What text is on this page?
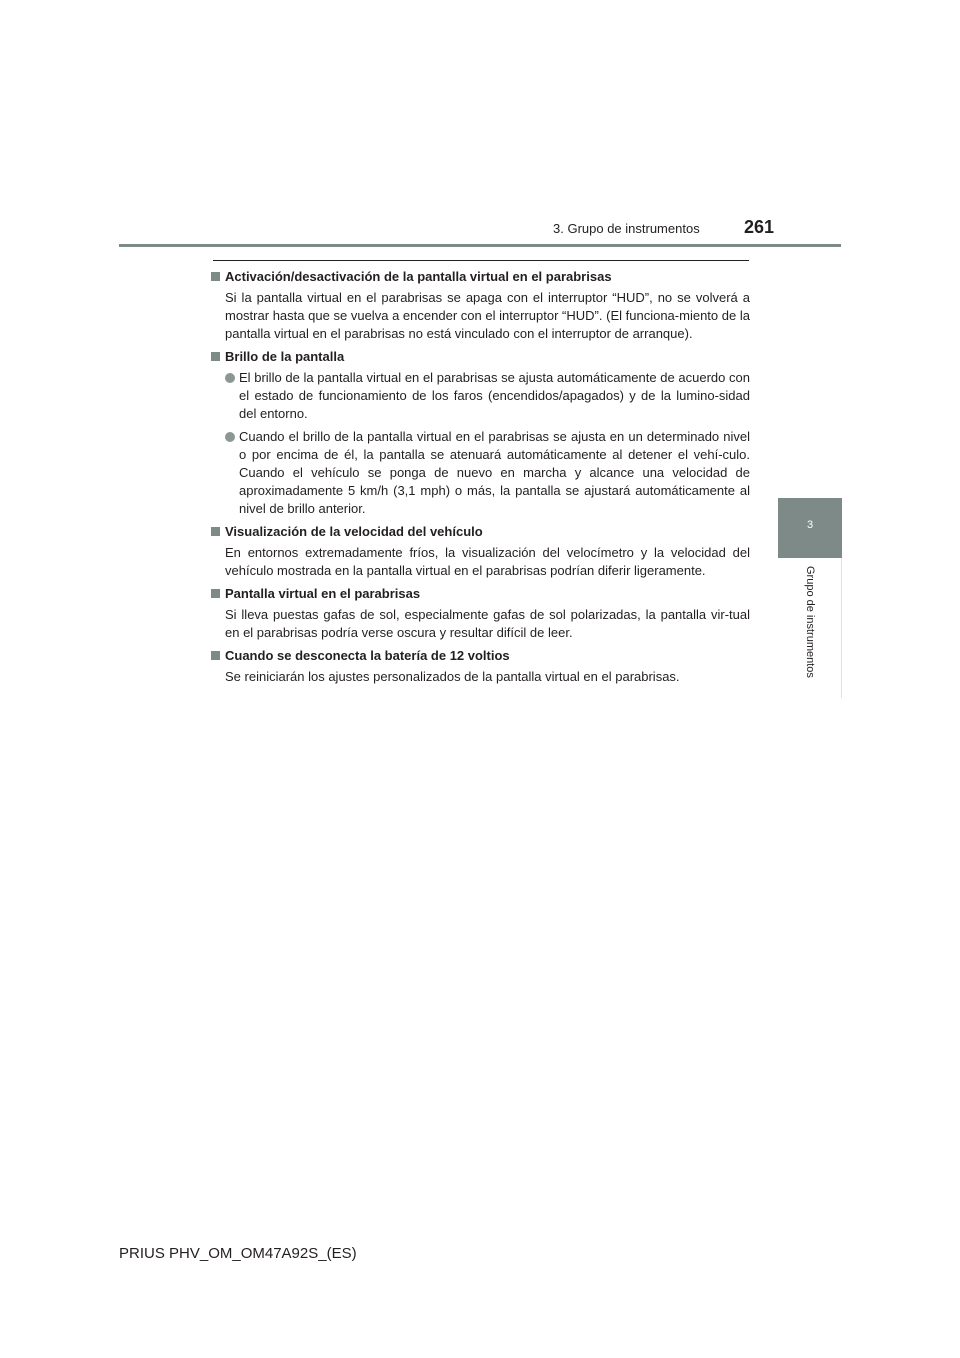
3. Grupo de instrumentos	261
3
Grupo de instrumentos
Activación/desactivación de la pantalla virtual en el parabrisas
Si la pantalla virtual en el parabrisas se apaga con el interruptor “HUD”, no se volverá a mostrar hasta que se vuelva a encender con el interruptor “HUD”. (El funciona-miento de la pantalla virtual en el parabrisas no está vinculado con el interruptor de arranque).
Brillo de la pantalla
El brillo de la pantalla virtual en el parabrisas se ajusta automáticamente de acuerdo con el estado de funcionamiento de los faros (encendidos/apagados) y de la lumino-sidad del entorno.
Cuando el brillo de la pantalla virtual en el parabrisas se ajusta en un determinado nivel o por encima de él, la pantalla se atenuará automáticamente al detener el vehí-culo. Cuando el vehículo se ponga de nuevo en marcha y alcance una velocidad de aproximadamente 5 km/h (3,1 mph) o más, la pantalla se ajustará automáticamente al nivel de brillo anterior.
Visualización de la velocidad del vehículo
En entornos extremadamente fríos, la visualización del velocímetro y la velocidad del vehículo mostrada en la pantalla virtual en el parabrisas podrían diferir ligeramente.
Pantalla virtual en el parabrisas
Si lleva puestas gafas de sol, especialmente gafas de sol polarizadas, la pantalla vir-tual en el parabrisas podría verse oscura y resultar difícil de leer.
Cuando se desconecta la batería de 12 voltios
Se reiniciarán los ajustes personalizados de la pantalla virtual en el parabrisas.
PRIUS PHV_OM_OM47A92S_(ES)
